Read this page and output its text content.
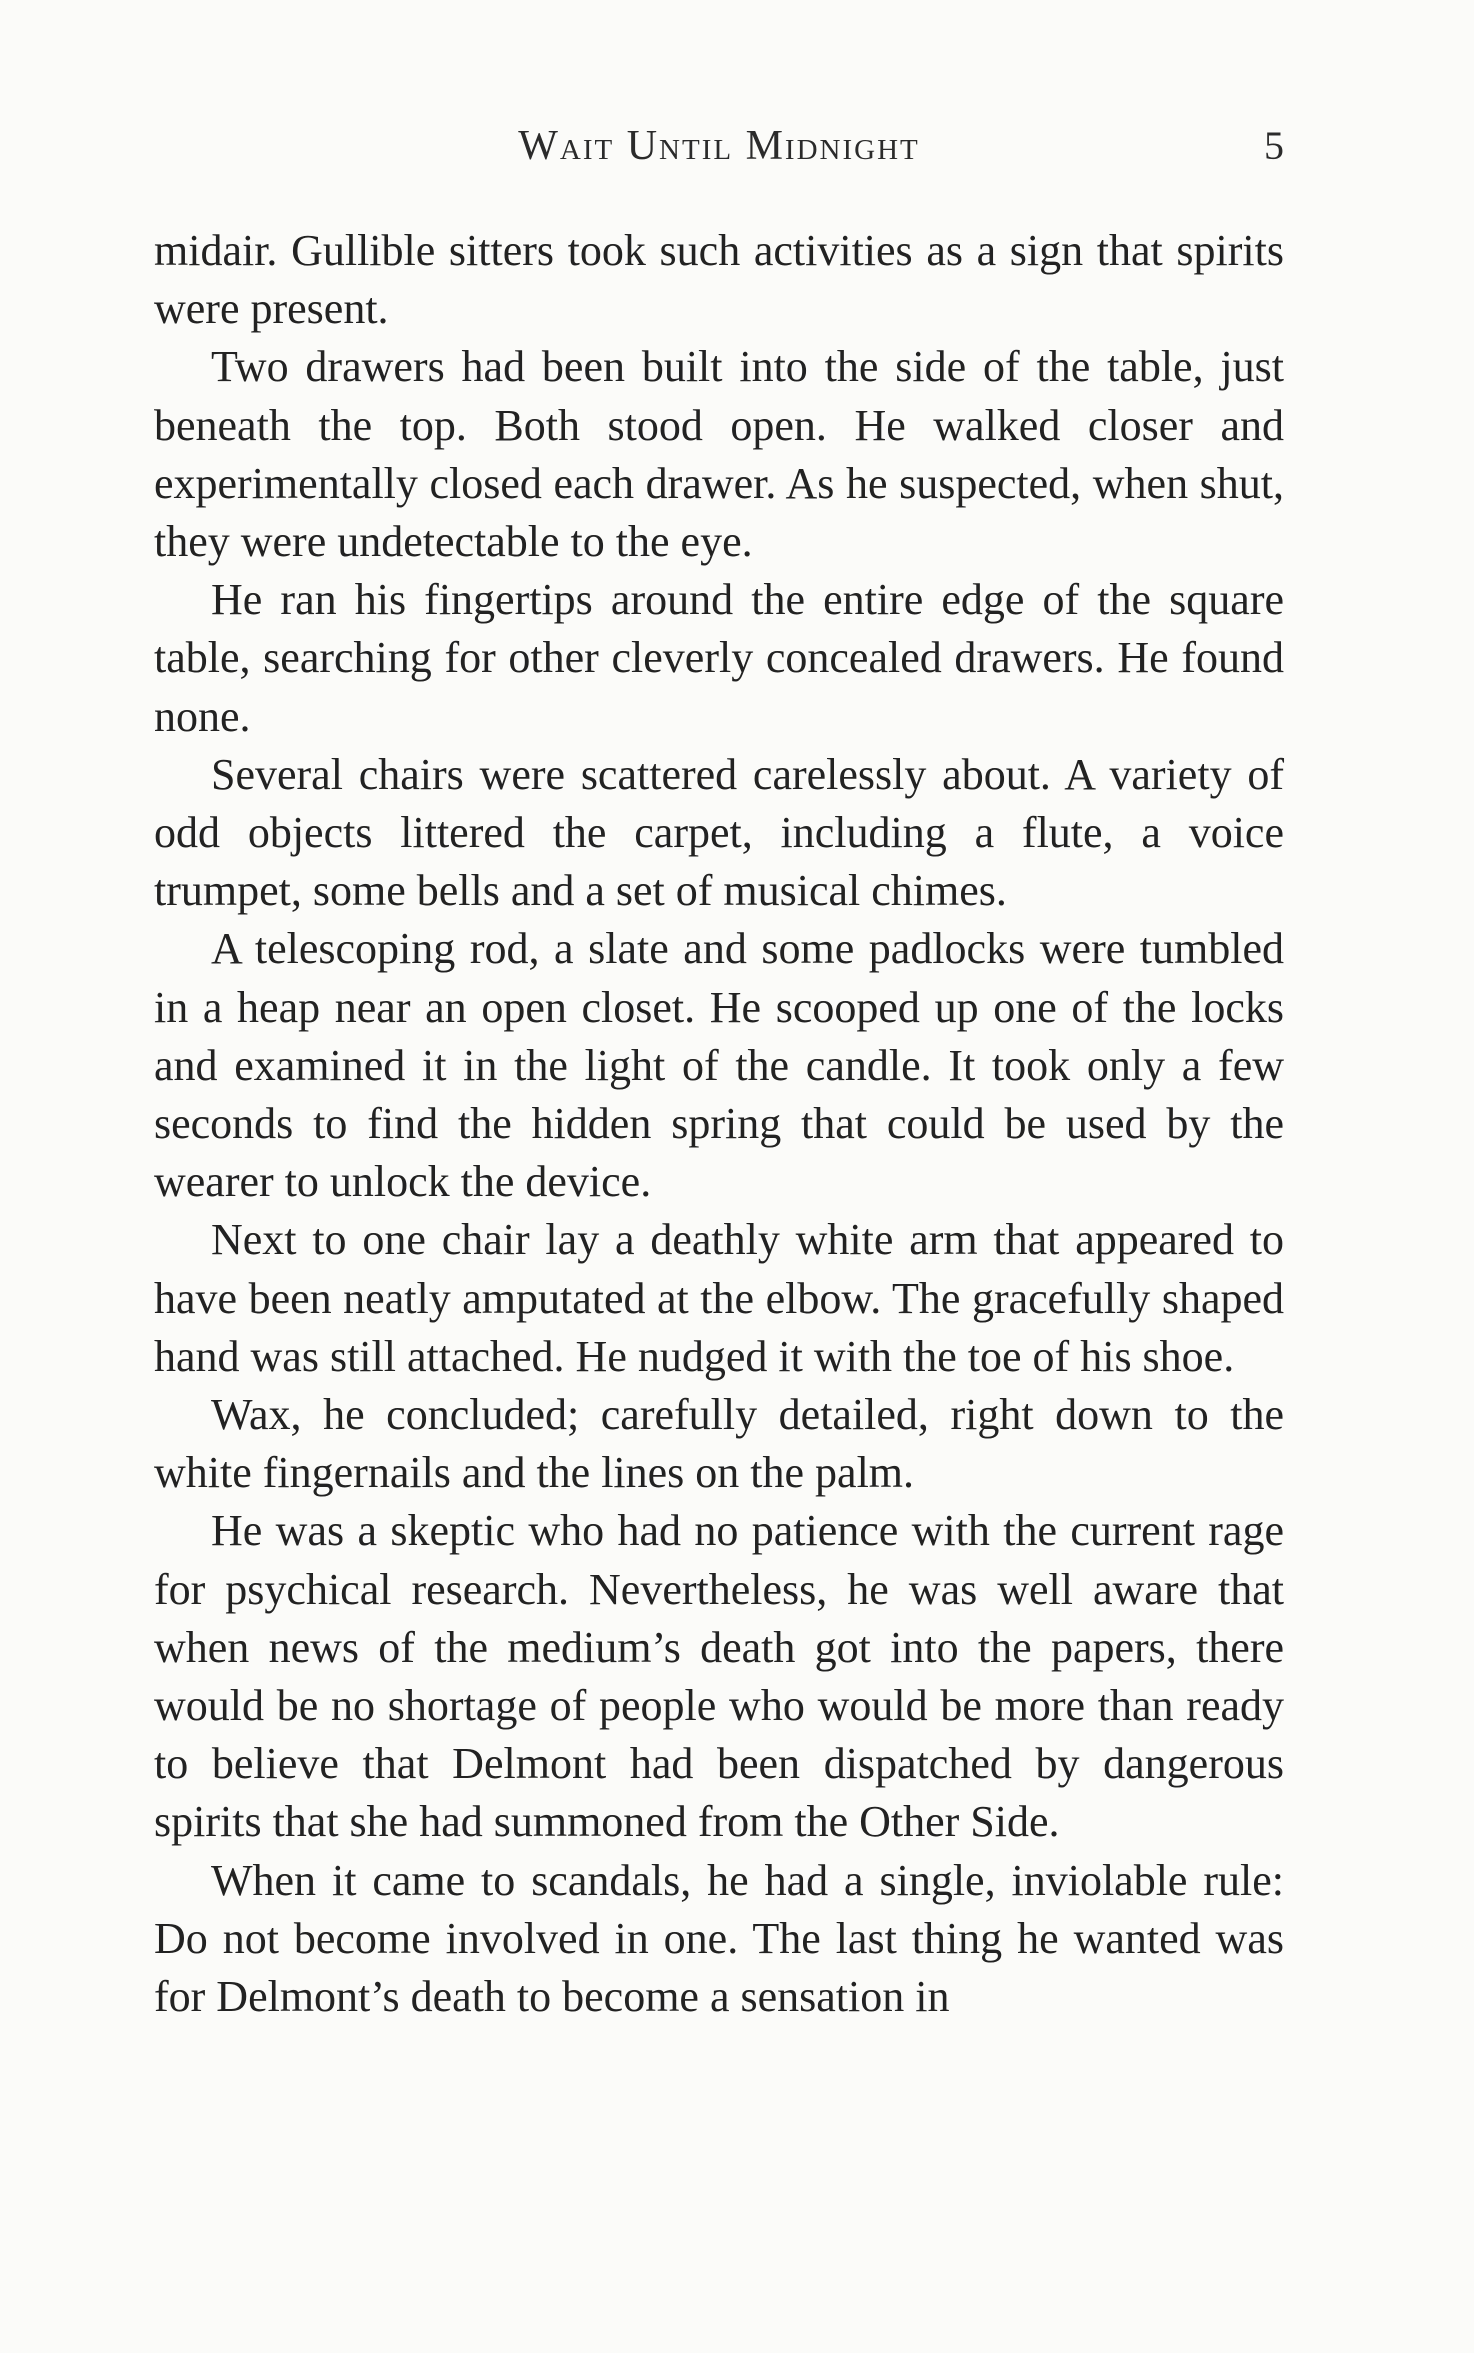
Wait Until Midnight	5

midair. Gullible sitters took such activities as a sign that spirits were present.

Two drawers had been built into the side of the table, just beneath the top. Both stood open. He walked closer and experimentally closed each drawer. As he suspected, when shut, they were undetectable to the eye.

He ran his fingertips around the entire edge of the square table, searching for other cleverly concealed drawers. He found none.

Several chairs were scattered carelessly about. A variety of odd objects littered the carpet, including a flute, a voice trumpet, some bells and a set of musical chimes.

A telescoping rod, a slate and some padlocks were tumbled in a heap near an open closet. He scooped up one of the locks and examined it in the light of the candle. It took only a few seconds to find the hidden spring that could be used by the wearer to unlock the device.

Next to one chair lay a deathly white arm that appeared to have been neatly amputated at the elbow. The gracefully shaped hand was still attached. He nudged it with the toe of his shoe.

Wax, he concluded; carefully detailed, right down to the white fingernails and the lines on the palm.

He was a skeptic who had no patience with the current rage for psychical research. Nevertheless, he was well aware that when news of the medium’s death got into the papers, there would be no shortage of people who would be more than ready to believe that Delmont had been dispatched by dangerous spirits that she had summoned from the Other Side.

When it came to scandals, he had a single, inviolable rule: Do not become involved in one. The last thing he wanted was for Delmont’s death to become a sensation in
